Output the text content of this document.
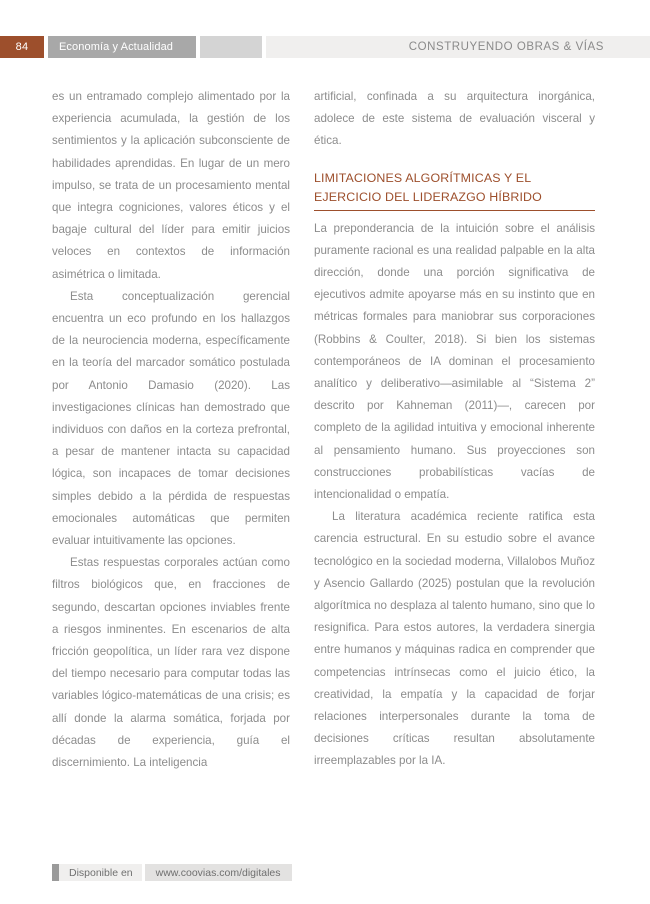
84	Economía y Actualidad	CONSTRUYENDO OBRAS & VÍAS

es un entramado complejo alimentado por la experiencia acumulada, la gestión de los sentimientos y la aplicación subconsciente de habilidades aprendidas. En lugar de un mero impulso, se trata de un procesamiento mental que integra cogniciones, valores éticos y el bagaje cultural del líder para emitir juicios veloces en contextos de información asimétrica o limitada.

Esta conceptualización gerencial encuentra un eco profundo en los hallazgos de la neurociencia moderna, específicamente en la teoría del marcador somático postulada por Antonio Damasio (2020). Las investigaciones clínicas han demostrado que individuos con daños en la corteza prefrontal, a pesar de mantener intacta su capacidad lógica, son incapaces de tomar decisiones simples debido a la pérdida de respuestas emocionales automáticas que permiten evaluar intuitivamente las opciones.

Estas respuestas corporales actúan como filtros biológicos que, en fracciones de segundo, descartan opciones inviables frente a riesgos inminentes. En escenarios de alta fricción geopolítica, un líder rara vez dispone del tiempo necesario para computar todas las variables lógico-matemáticas de una crisis; es allí donde la alarma somática, forjada por décadas de experiencia, guía el discernimiento. La inteligencia

artificial, confinada a su arquitectura inorgánica, adolece de este sistema de evaluación visceral y ética.

LIMITACIONES ALGORÍTMICAS Y EL
EJERCICIO DEL LIDERAZGO HÍBRIDO

La preponderancia de la intuición sobre el análisis puramente racional es una realidad palpable en la alta dirección, donde una porción significativa de ejecutivos admite apoyarse más en su instinto que en métricas formales para maniobrar sus corporaciones (Robbins & Coulter, 2018). Si bien los sistemas contemporáneos de IA dominan el procesamiento analítico y deliberativo—asimilable al “Sistema 2” descrito por Kahneman (2011)—, carecen por completo de la agilidad intuitiva y emocional inherente al pensamiento humano. Sus proyecciones son construcciones probabilísticas vacías de intencionalidad o empatía.

La literatura académica reciente ratifica esta carencia estructural. En su estudio sobre el avance tecnológico en la sociedad moderna, Villalobos Muñoz y Asencio Gallardo (2025) postulan que la revolución algorítmica no desplaza al talento humano, sino que lo resignifica. Para estos autores, la verdadera sinergia entre humanos y máquinas radica en comprender que competencias intrínsecas como el juicio ético, la creatividad, la empatía y la capacidad de forjar relaciones interpersonales durante la toma de decisiones críticas resultan absolutamente irreemplazables por la IA.

Disponible en	www.coovias.com/digitales
